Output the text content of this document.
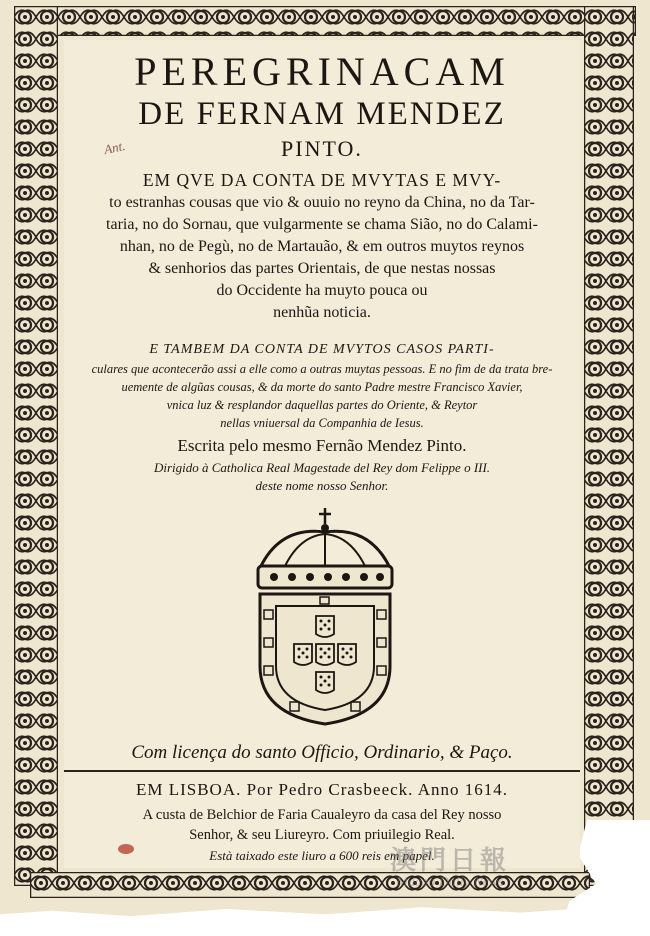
PEREGRINACAM
DE FERNAM MENDEZ
PINTO.
EM QVE DA CONTA DE MVYTAS E MVY-
to estranhas cousas que vio & ouuio no reyno da China, no da Tar-
taria, no do Sornau, que vulgarmente se chama Sião, no do Calami-
nhan, no de Pegù, no de Martauão, & em outros muytos reynos
& senhorios das partes Orientais, de que nestas nossas
do Occidente ha muyto pouca ou
nenhũa noticia.
E TAMBEM DA CONTA DE MVYTOS CASOS PARTI-
culares que acontecerão assi a elle como a outras muytas pessoas. E no fim de da trata bre-
uemente de algũas cousas, & da morte do santo Padre mestre Francisco Xavier,
vnica luz & resplandor daquellas partes do Oriente, & Reytor
nellas vniuersal da Companhia de Iesus.
Escrita pelo mesmo Fernão Mendez Pinto.
Dirigido à Catholica Real Magestade del Rey dom Felippe o III.
deste nome nosso Senhor.
Com licença do santo Officio, Ordinario, & Paço.
EM LISBOA. Por Pedro Crasbeeck. Anno 1614.
A custa de Belchior de Faria Caualeyro da casa del Rey nosso
Senhor, & seu Liureyro. Com priuilegio Real.
Està taixado este liuro a 600 reis em papel.
Ant.
澳門日報
Macao Daily News
